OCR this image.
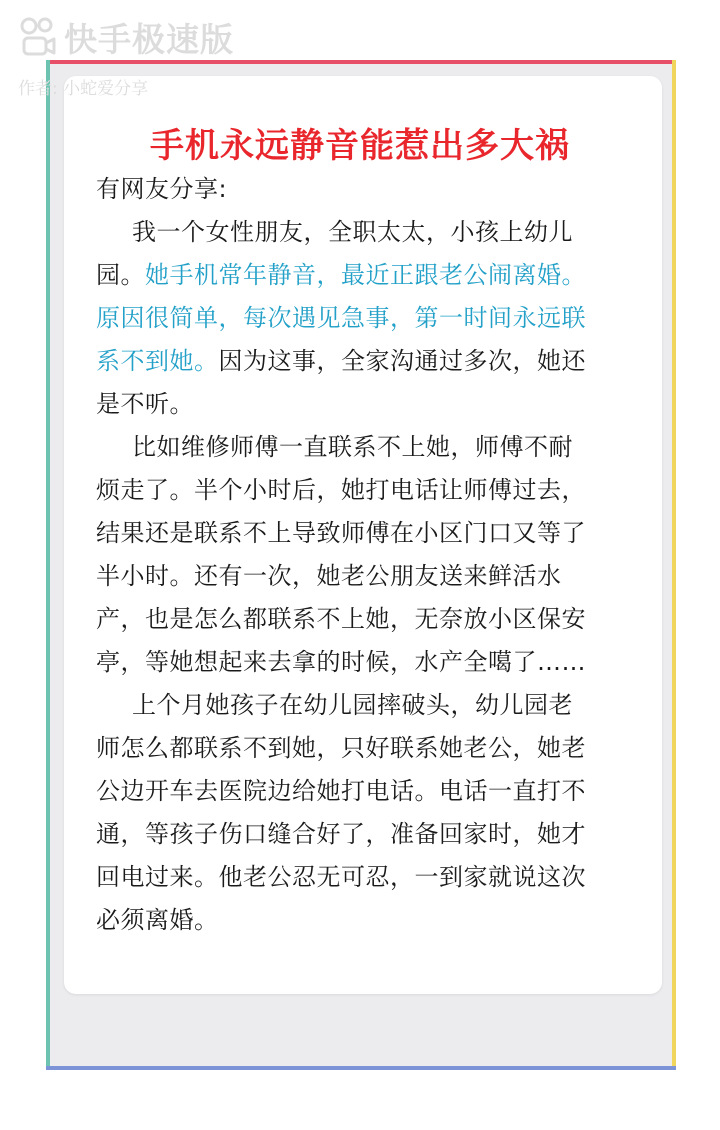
快手极速版
作者: 小蛇爱分享
手机永远静音能惹出多大祸

有网友分享:

我一个女性朋友，全职太太，小孩上幼儿园。她手机常年静音，最近正跟老公闹离婚。原因很简单，每次遇见急事，第一时间永远联系不到她。因为这事，全家沟通过多次，她还是不听。

比如维修师傅一直联系不上她，师傅不耐烦走了。半个小时后，她打电话让师傅过去，结果还是联系不上导致师傅在小区门口又等了半小时。还有一次，她老公朋友送来鲜活水产，也是怎么都联系不上她，无奈放小区保安亭，等她想起来去拿的时候，水产全噶了……

上个月她孩子在幼儿园摔破头，幼儿园老师怎么都联系不到她，只好联系她老公，她老公边开车去医院边给她打电话。电话一直打不通，等孩子伤口缝合好了，准备回家时，她才回电过来。他老公忍无可忍，一到家就说这次必须离婚。
